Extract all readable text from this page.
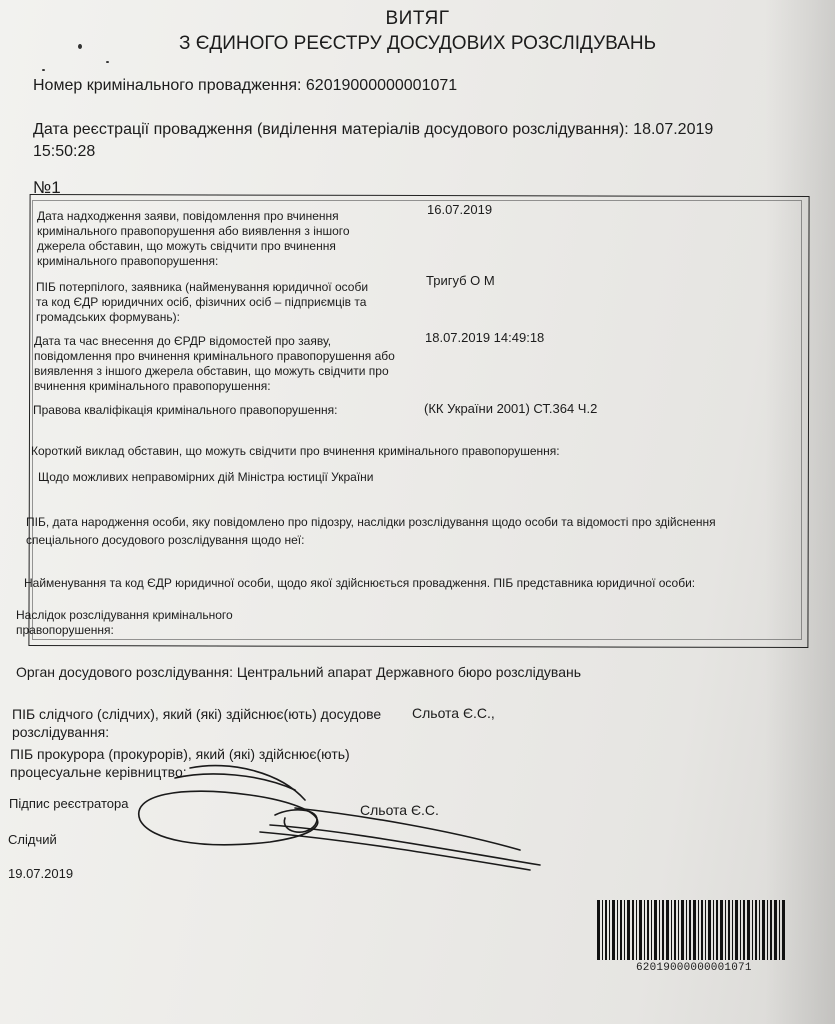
ВИТЯГ
З ЄДИНОГО РЕЄСТРУ ДОСУДОВИХ РОЗСЛІДУВАНЬ
Номер кримінального провадження: 62019000000001071
Дата реєстрації провадження (виділення матеріалів досудового розслідування): 18.07.2019
15:50:28
№1
Дата надходження заяви, повідомлення про вчинення
кримінального правопорушення або виявлення з іншого
джерела обставин, що можуть свідчити про вчинення
кримінального правопорушення:
16.07.2019
ПІБ потерпілого, заявника (найменування юридичної особи
та код ЄДР юридичних осіб, фізичних осіб – підприємців та
громадських формувань):
Тригуб О М
Дата та час внесення до ЄРДР відомостей про заяву,
повідомлення про вчинення кримінального правопорушення або
виявлення з іншого джерела обставин, що можуть свідчити про
вчинення кримінального правопорушення:
18.07.2019 14:49:18
Правова кваліфікація кримінального правопорушення:	(КК України 2001) СТ.364 Ч.2
Короткий виклад обставин, що можуть свідчити про вчинення кримінального правопорушення:
Щодо можливих неправомірних дій Міністра юстиції України
ПІБ, дата народження особи, яку повідомлено про підозру, наслідки розслідування щодо особи та відомості про здійснення
спеціального досудового розслідування щодо неї:
Найменування та код ЄДР юридичної особи, щодо якої здійснюється провадження. ПІБ представника юридичної особи:
Наслідок розслідування кримінального
правопорушення:
Орган досудового розслідування: Центральний апарат Державного бюро розслідувань
ПІБ слідчого (слідчих), який (які) здійснює(ють) досудове
розслідування:
Сльота Є.С.,
ПІБ прокурора (прокурорів), який (які) здійснює(ють)
процесуальне керівництво:
Підпис реєстратора	Сльота Є.С.
Слідчий
19.07.2019
62019000000001071
